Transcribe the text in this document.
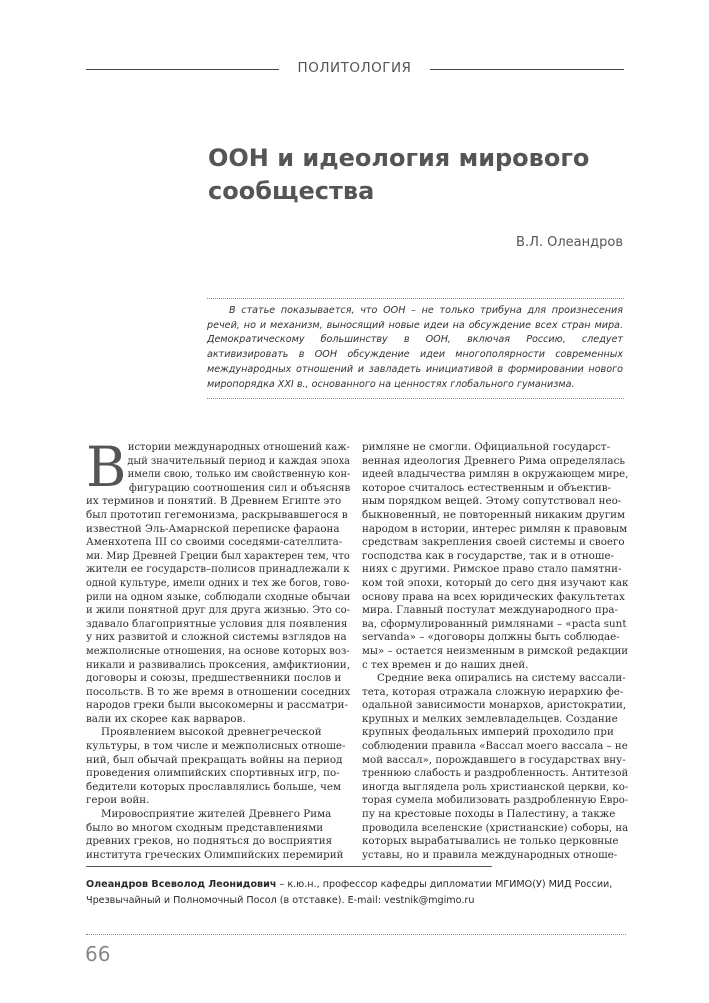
ПОЛИТОЛОГИЯ
ООН и идеология мирового сообщества
В.Л. Олеандров

В статье показывается, что ООН – не только трибуна для произнесения речей, но и механизм, выносящий новые идеи на обсуждение всех стран мира. Демократическому большинству в ООН, включая Россию, следует активизировать в ООН обсуждение идеи многополярности современных международных отношений и завладеть инициативой в формировании нового миропорядка XXI в., основанного на ценностях глобального гуманизма.

В истории международных отношений каж-
дый значительный период и каждая эпоха
имели свою, только им свойственную кон-
фигурацию соотношения сил и объясняв
их терминов и понятий. В Древнем Египте это
был прототип гегемонизма, раскрывавшегося в
известной Эль-Амарнской переписке фараона
Аменхотепа III со своими соседями-сателлита-
ми. Мир Древней Греции был характерен тем, что
жители ее государств–полисов принадлежали к
одной культуре, имели одних и тех же богов, гово-
рили на одном языке, соблюдали сходные обычаи
и жили понятной друг для друга жизнью. Это со-
здавало благоприятные условия для появления
у них развитой и сложной системы взглядов на
межполисные отношения, на основе которых воз-
никали и развивались проксения, амфиктионии,
договоры и союзы, предшественники послов и
посольств. В то же время в отношении соседних
народов греки были высокомерны и рассматри-
вали их скорее как варваров.
Проявлением высокой древнегреческой
культуры, в том числе и межполисных отноше-
ний, был обычай прекращать войны на период
проведения олимпийских спортивных игр, по-
бедители которых прославлялись больше, чем
герои войн.
Мировосприятие жителей Древнего Рима
было во многом сходным представлениями
древних греков, но подняться до восприятия
института греческих Олимпийских перемирий
римляне не смогли. Официальной государст-
венная идеология Древнего Рима определялась
идеей владычества римлян в окружающем мире,
которое считалось естественным и объектив-
ным порядком вещей. Этому сопутствовал нео-
быкновенный, не повторенный никаким другим
народом в истории, интерес римлян к правовым
средствам закрепления своей системы и своего
господства как в государстве, так и в отноше-
ниях с другими. Римское право стало памятни-
ком той эпохи, который до сего дня изучают как
основу права на всех юридических факультетах
мира. Главный постулат международного пра-
ва, сформулированный римлянами – «pacta sunt
servanda» – «договоры должны быть соблюдае-
мы» – остается неизменным в римской редакции
с тех времен и до наших дней.
Средние века опирались на систему вассали-
тета, которая отражала сложную иерархию фе-
одальной зависимости монархов, аристократии,
крупных и мелких землевладельцев. Создание
крупных феодальных империй проходило при
соблюдении правила «Вассал моего вассала – не
мой вассал», порождавшего в государствах вну-
треннюю слабость и раздробленность. Антитезой
иногда выглядела роль христианской церкви, ко-
торая сумела мобилизовать раздробленную Евро-
пу на крестовые походы в Палестину, а также
проводила вселенские (христианские) соборы, на
которых вырабатывались не только церковные
уставы, но и правила международных отноше-
Олеандров Всеволод Леонидович – к.ю.н., профессор кафедры дипломатии МГИМО(У) МИД России, Чрезвычайный и Полномочный Посол (в отставке). E-mail: vestnik@mgimo.ru
66
